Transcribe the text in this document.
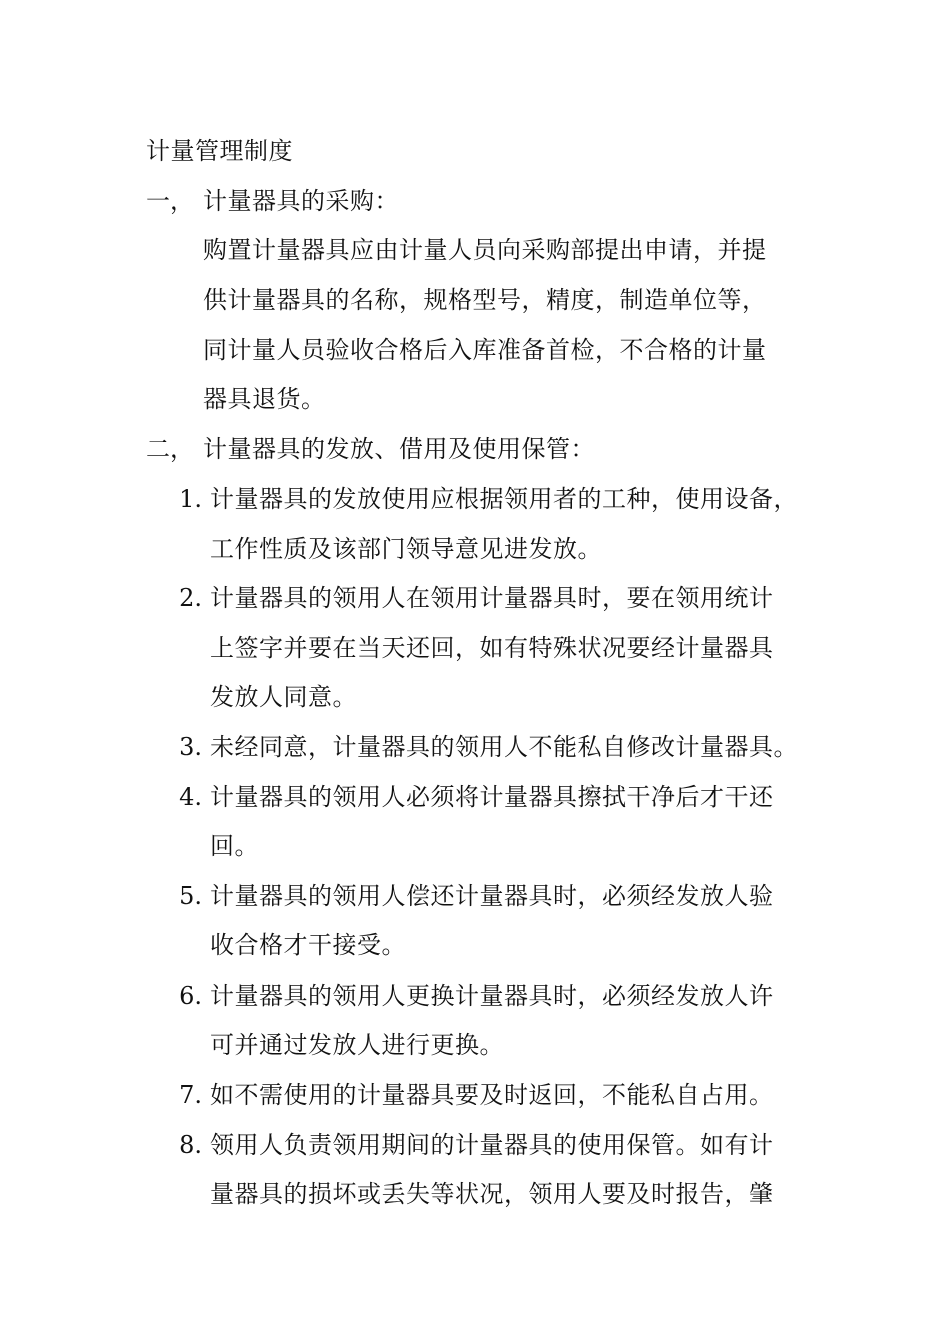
计量管理制度
一， 计量器具的采购：
购置计量器具应由计量人员向采购部提出申请，并提
供计量器具的名称，规格型号，精度，制造单位等，
同计量人员验收合格后入库准备首检，不合格的计量
器具退货。
二， 计量器具的发放、借用及使用保管：
1. 计量器具的发放使用应根据领用者的工种，使用设备，
工作性质及该部门领导意见进发放。
2. 计量器具的领用人在领用计量器具时，要在领用统计
上签字并要在当天还回，如有特殊状况要经计量器具
发放人同意。
3. 未经同意，计量器具的领用人不能私自修改计量器具。
4. 计量器具的领用人必须将计量器具擦拭干净后才干还
回。
5. 计量器具的领用人偿还计量器具时，必须经发放人验
收合格才干接受。
6. 计量器具的领用人更换计量器具时，必须经发放人许
可并通过发放人进行更换。
7. 如不需使用的计量器具要及时返回，不能私自占用。
8. 领用人负责领用期间的计量器具的使用保管。如有计
量器具的损坏或丢失等状况，领用人要及时报告，肇
